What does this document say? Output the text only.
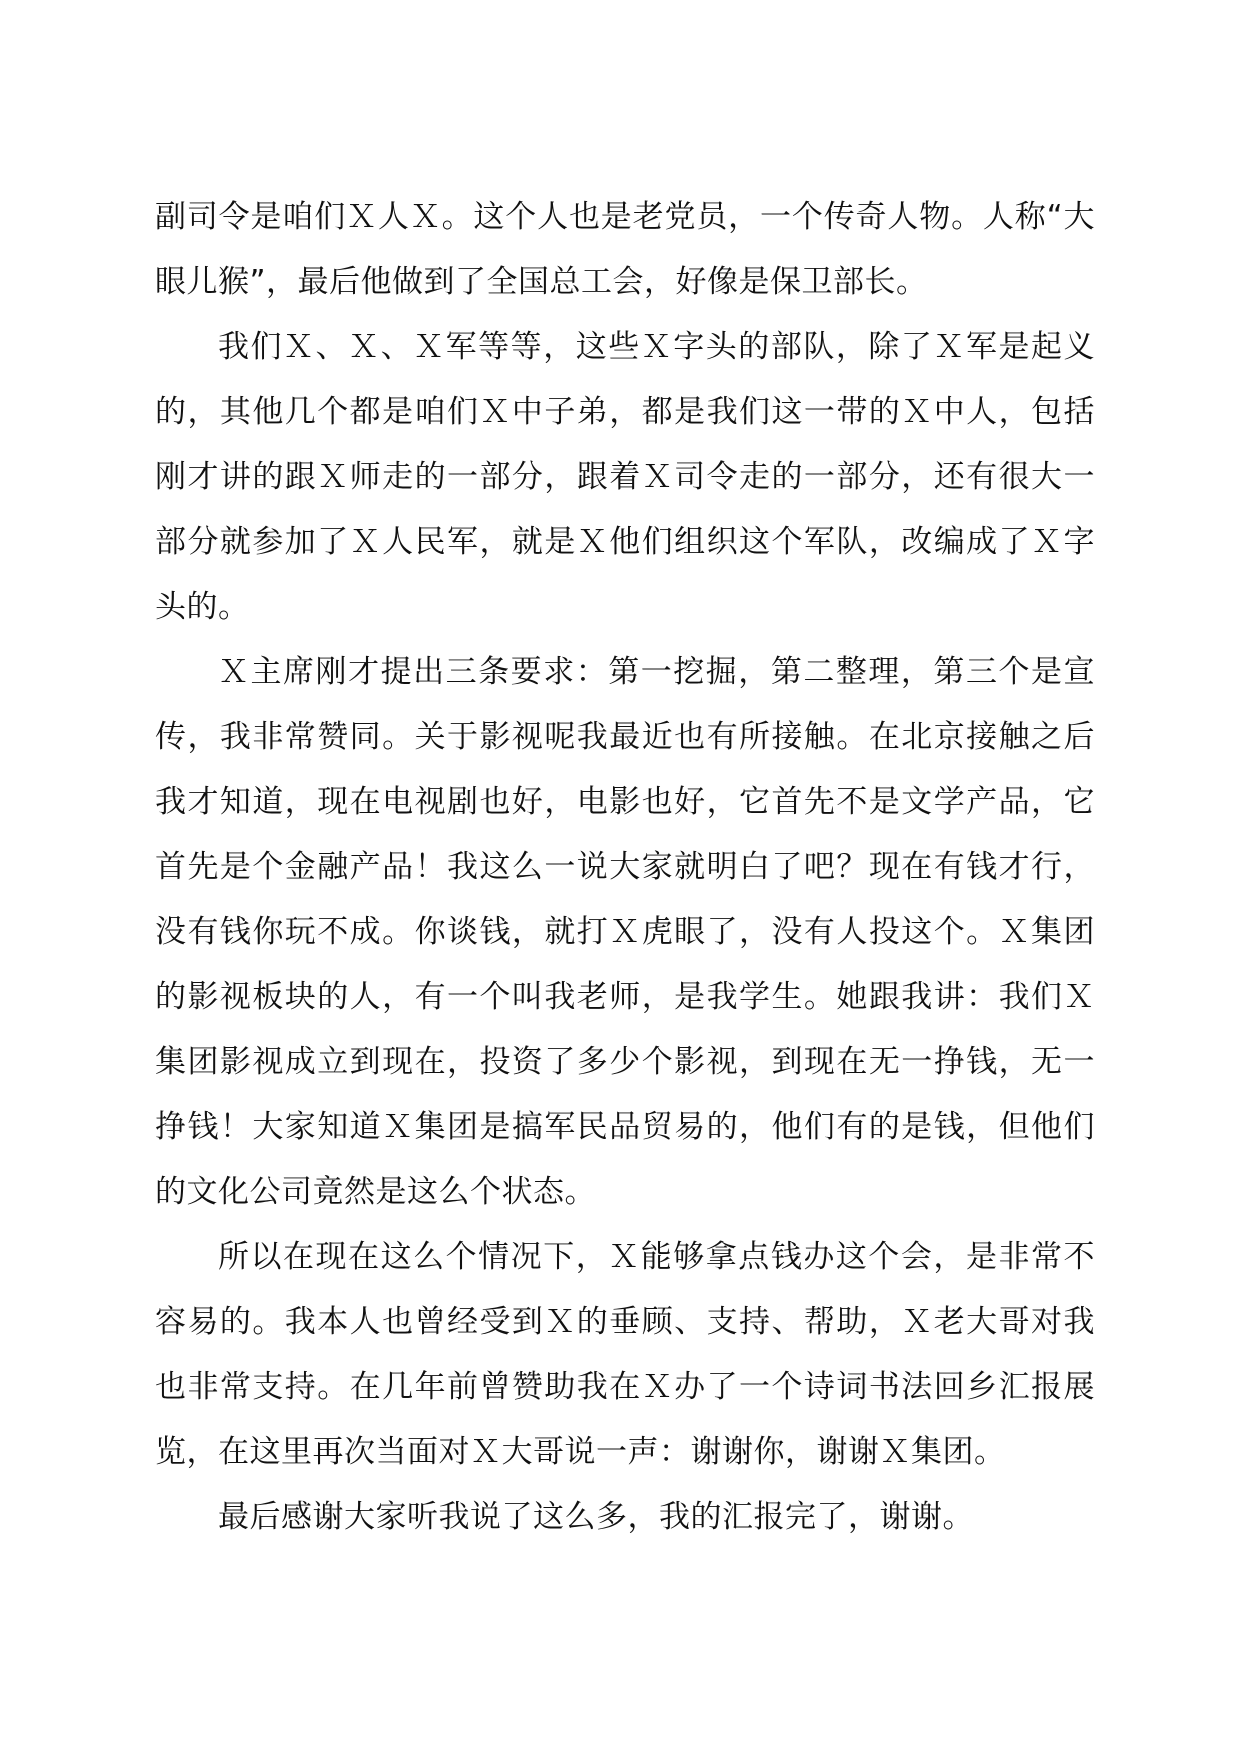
副司令是咱们Ｘ人Ｘ。这个人也是老党员，一个传奇人物。人称“大眼儿猴”，最后他做到了全国总工会，好像是保卫部长。

我们Ｘ、Ｘ、Ｘ军等等，这些Ｘ字头的部队，除了Ｘ军是起义的，其他几个都是咱们Ｘ中子弟，都是我们这一带的Ｘ中人，包括刚才讲的跟Ｘ师走的一部分，跟着Ｘ司令走的一部分，还有很大一部分就参加了Ｘ人民军，就是Ｘ他们组织这个军队，改编成了Ｘ字头的。

Ｘ主席刚才提出三条要求：第一挖掘，第二整理，第三个是宣传，我非常赞同。关于影视呢我最近也有所接触。在北京接触之后我才知道，现在电视剧也好，电影也好，它首先不是文学产品，它首先是个金融产品！我这么一说大家就明白了吧？现在有钱才行，没有钱你玩不成。你谈钱，就打Ｘ虎眼了，没有人投这个。Ｘ集团的影视板块的人，有一个叫我老师，是我学生。她跟我讲：我们Ｘ集团影视成立到现在，投资了多少个影视，到现在无一挣钱，无一挣钱！大家知道Ｘ集团是搞军民品贸易的，他们有的是钱，但他们的文化公司竟然是这么个状态。

所以在现在这么个情况下，Ｘ能够拿点钱办这个会，是非常不容易的。我本人也曾经受到Ｘ的垂顾、支持、帮助，Ｘ老大哥对我也非常支持。在几年前曾赞助我在Ｘ办了一个诗词书法回乡汇报展览，在这里再次当面对Ｘ大哥说一声：谢谢你，谢谢Ｘ集团。

最后感谢大家听我说了这么多，我的汇报完了，谢谢。
